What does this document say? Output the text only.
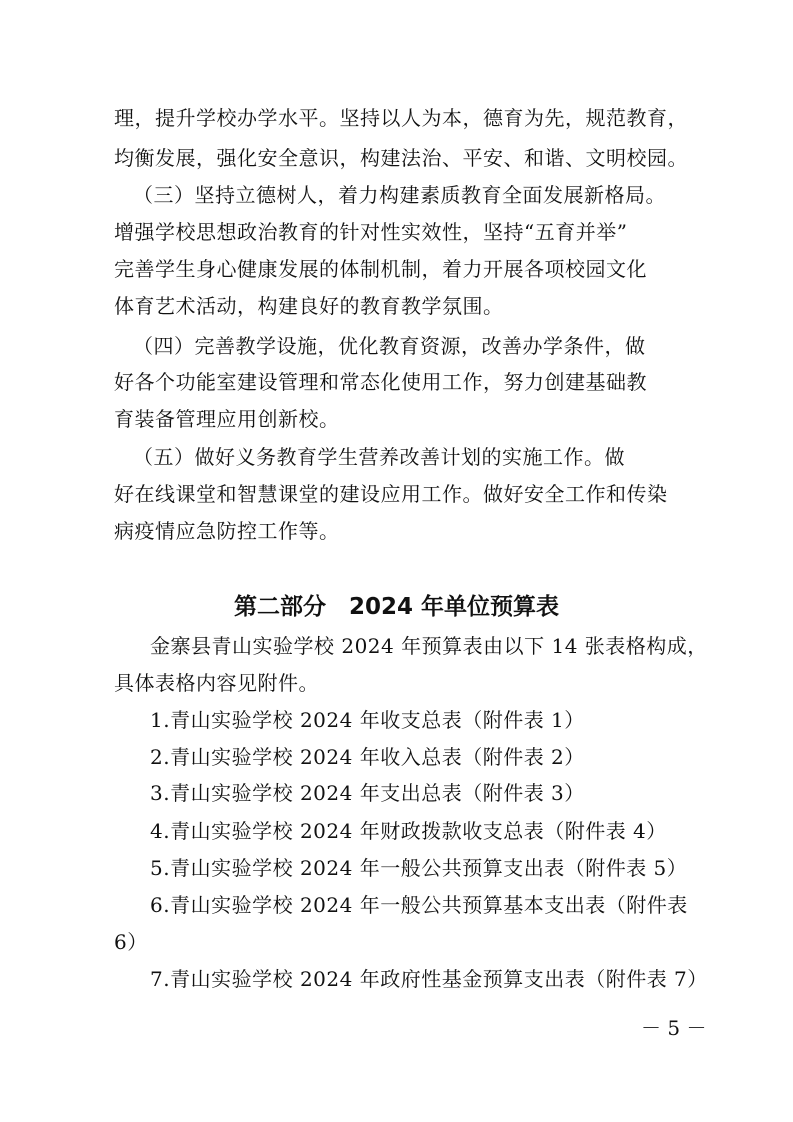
理，提升学校办学水平。坚持以人为本，德育为先，规范教育，
均衡发展，强化安全意识，构建法治、平安、和谐、文明校园。
（三）坚持立德树人，着力构建素质教育全面发展新格局。
增强学校思想政治教育的针对性实效性，坚持“五育并举”
完善学生身心健康发展的体制机制，着力开展各项校园文化
体育艺术活动，构建良好的教育教学氛围。
（四）完善教学设施，优化教育资源，改善办学条件，做
好各个功能室建设管理和常态化使用工作，努力创建基础教
育装备管理应用创新校。
（五）做好义务教育学生营养改善计划的实施工作。做
好在线课堂和智慧课堂的建设应用工作。做好安全工作和传染
病疫情应急防控工作等。
第二部分　2024 年单位预算表
金寨县青山实验学校 2024 年预算表由以下 14 张表格构成，
具体表格内容见附件。
1.青山实验学校 2024 年收支总表（附件表 1）
2.青山实验学校 2024 年收入总表（附件表 2）
3.青山实验学校 2024 年支出总表（附件表 3）
4.青山实验学校 2024 年财政拨款收支总表（附件表 4）
5.青山实验学校 2024 年一般公共预算支出表（附件表 5）
6.青山实验学校 2024 年一般公共预算基本支出表（附件表
6）
7.青山实验学校 2024 年政府性基金预算支出表（附件表 7）
－ 5 －
